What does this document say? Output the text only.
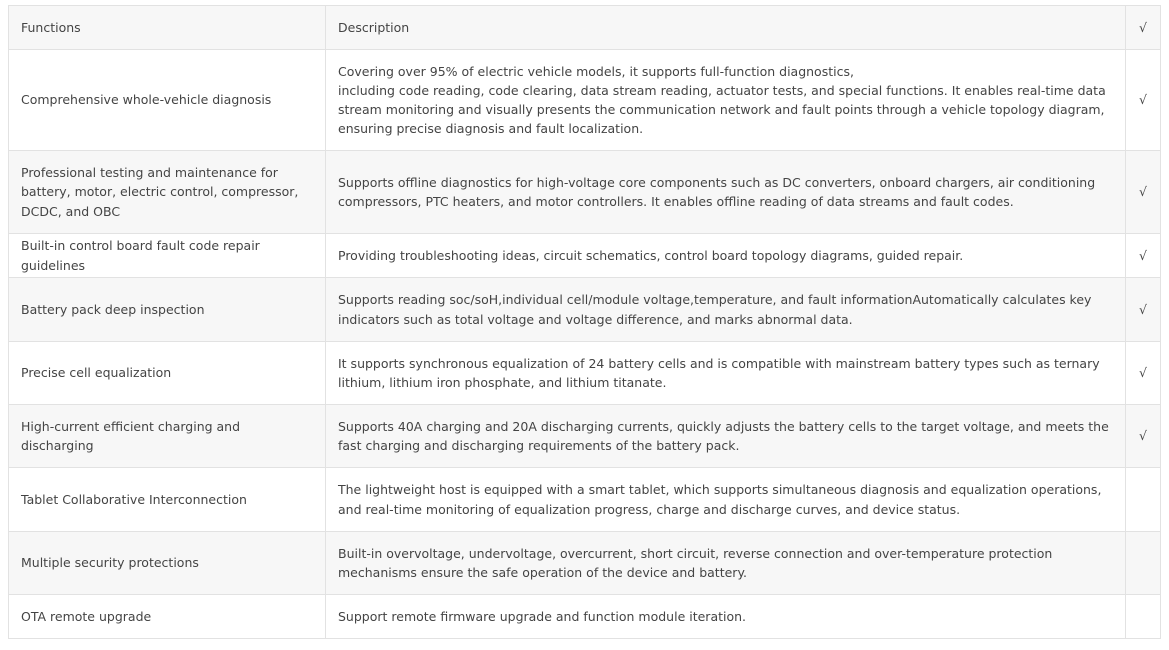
Functions	Description	√
Comprehensive whole-vehicle diagnosis	Covering over 95% of electric vehicle models, it supports full-function diagnostics,
including code reading, code clearing, data stream reading, actuator tests, and special functions. It enables real-time data stream monitoring and visually presents the communication network and fault points through a vehicle topology diagram, ensuring precise diagnosis and fault localization.	√
Professional testing and maintenance for battery, motor, electric control, compressor, DCDC, and OBC	Supports offline diagnostics for high-voltage core components such as DC converters, onboard chargers, air conditioning compressors, PTC heaters, and motor controllers. It enables offline reading of data streams and fault codes.	√
Built-in control board fault code repair guidelines	Providing troubleshooting ideas, circuit schematics, control board topology diagrams, guided repair.	√
Battery pack deep inspection	Supports reading soc/soH,individual cell/module voltage,temperature, and fault informationAutomatically calculates key indicators such as total voltage and voltage difference, and marks abnormal data.	√
Precise cell equalization	It supports synchronous equalization of 24 battery cells and is compatible with mainstream battery types such as ternary lithium, lithium iron phosphate, and lithium titanate.	√
High-current efficient charging and discharging	Supports 40A charging and 20A discharging currents, quickly adjusts the battery cells to the target voltage, and meets the fast charging and discharging requirements of the battery pack.	√
Tablet Collaborative Interconnection	The lightweight host is equipped with a smart tablet, which supports simultaneous diagnosis and equalization operations, and real-time monitoring of equalization progress, charge and discharge curves, and device status.	

Multiple security protections	Built-in overvoltage, undervoltage, overcurrent, short circuit, reverse connection and over-temperature protection mechanisms ensure the safe operation of the device and battery.	

OTA remote upgrade	Support remote firmware upgrade and function module iteration.	
